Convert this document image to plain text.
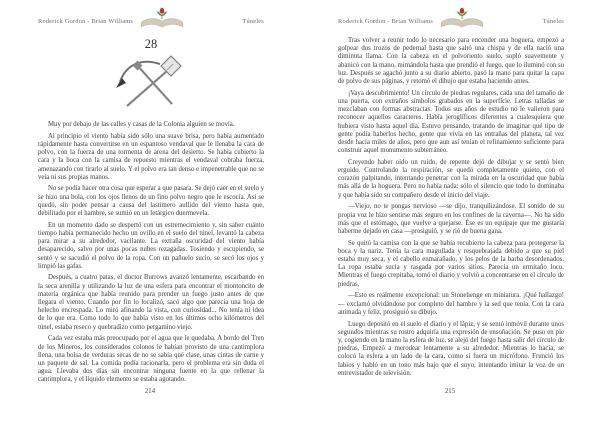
Roderick Gordon - Brian Williams	Túneles
28

Muy por debajo de las calles y casas de la Colonia alguien se movía.

Al principio el viento había sido sólo una suave brisa, pero había aumentado rápidamente hasta convertirse en un espantoso vendaval que le llenaba la cara de polvo, con la fuerza de una tormenta de arena del desierto. Se había cubierto la cara y la boca con la camisa de repuesto mientras el vendaval cobraba fuerza, amenazando con tirarlo al suelo. Y el polvo era tan denso e impenetrable que no se veía ni sus propias manos.

No se podía hacer otra cosa que esperar a que pasara. Se dejó caer en el suelo y se hizo una bola, con los ojos llenos de un fino polvo negro que le escocía. Así se quedó, sin poder pensar a causa del lastimero aullido del viento hasta que, debilitado por el hambre, se sumió en un letárgico duermevela.

En un momento dado se despertó con un estremecimiento y, sin saber cuánto tiempo había permanecido hecho un ovillo en el suelo del túnel, levantó la cabeza para mirar a su alrededor, vacilante. La extraña oscuridad del viento había desaparecido, salvo por unas pocas nubes rezagadas. Tosiendo y escupiendo, se sentó y se sacudió el polvo de la ropa. Con un pañuelo sucio, se secó los ojos y limpió las gafas.

Después, a cuatro patas, el doctor Burrows avanzó lentamente, escarbando en la seca arenilla y utilizando la luz de una esfera para encontrar el montoncito de materia orgánica que había reunido para prender un fuego justo antes de que llegara el viento. Cuando por fin lo localizó, sacó algo que parecía una hoja de helecho encrespada. Lo miró afinando la vista, con curiosidad... No tenía ni idea de lo que era. Como todo lo que había visto en los últimos ocho kilómetros del túnel, estaba reseco y quebradizo como pergamino viejo.

Cada vez estaba más preocupado por el agua que le quedaba. A bordo del Tren de los Mineros, los considerados colonos le habían provisto de una cantimplora llena, una bolsa de verduras secas de no se sabía qué clase, unas cintas de carne y un paquete de sal. La comida podía racionarla, pero el problema era sin duda el agua. Llevaba dos días sin encontrar ninguna fuente en la que rellenar la cantimplora, y el líquido elemento se estaba agotando.

214
Roderick Gordon - Brian Williams	Túneles

Tras volver a reunir todo lo necesario para encender una hoguera, empezó a golpear dos trozos de pedernal hasta que saltó una chispa y de ella nació una diminuta llama. Con la cabeza en el polvoriento suelo, sopló suavemente y abanicó con la mano, mimándola hasta que prendió el fuego, que lo iluminó con su luz. Después se agachó junto a su diario abierto, pasó la mano para quitar la capa de polvo de sus páginas, y retomó el dibujo que estaba haciendo antes.

¡Vaya descubrimiento! Un círculo de piedras regulares, cada una del tamaño de una puerta, con extraños símbolos grabados en la superficie. Letras talladas se mezclaban con formas abstractas. Todos sus años de estudio no le valieron para reconocer aquellos caracteres. Había jeroglíficos diferentes a cualesquiera que hubiera visto hasta aquel día. Estuvo pensando, tratando de imaginar qué tipo de gente podía haberlos hecho, gente que vivía en las entrañas del planeta, tal vez desde hacía miles de años, pero que aun así tenían el refinamiento suficiente para construir aquel monumento subterráneo.

Creyendo haber oído un ruido, de repente dejó de dibujar y se sentó bien erguido. Controlando la respiración, se quedó completamente quieto, con el corazón palpitando, intentando penetrar con la mirada en la oscuridad que había más allá de la hoguera. Pero no había nada: sólo el silencio que todo lo dominaba y que había sido su compañero desde el inicio del viaje.

—Viejo, no te pongas nervioso —se dijo, tranquilizándose. El sonido de su propia voz le hizo sentirse más seguro en los confines de la caverna—. No ha sido más que el estómago, que vuelve a quejarse. Ése es un equipaje que me gustaría haberme dejado en casa —prosiguió, y se rió de buena gana.

Se quitó la camisa con la que se había recubierto la cabeza para protegerse la boca y la nariz. Tenía la cara magullada y resquebrajada debido a que su piel estaba muy seca, y el cabello enmarañado, y los pelos de la barba desordenados. La ropa estaba sucia y rasgada por varios sitios. Parecía un ermitaño loco. Mientras el fuego crepitaba, tomó el diario y volvió a concentrarse en el círculo de piedras.

—Esto es realmente excepcional: un Stonehenge en miniatura. ¡Qué hallazgo! — exclamó olvidándose por completo del hambre y la sed que tenía. Con la cara animada y feliz, prosiguió su dibujo.

Luego depositó en el suelo el diario y el lápiz, y se sentó inmóvil durante unos segundos mientras su rostro adquiría una expresión de ensoñación. Se puso en pie y, cogiendo en la mano la esfera de luz, se alejó del fuego hasta salir del círculo de piedras. Empezó a merodear lentamente a su alrededor. Mientras lo hacía, se colocó la esfera a un lado de la cara, como si fuera un micrófono. Frunció los labios y habló en un tono más bajo que el suyo, intentando imitar la voz de un entrevistador de televisión.

215
